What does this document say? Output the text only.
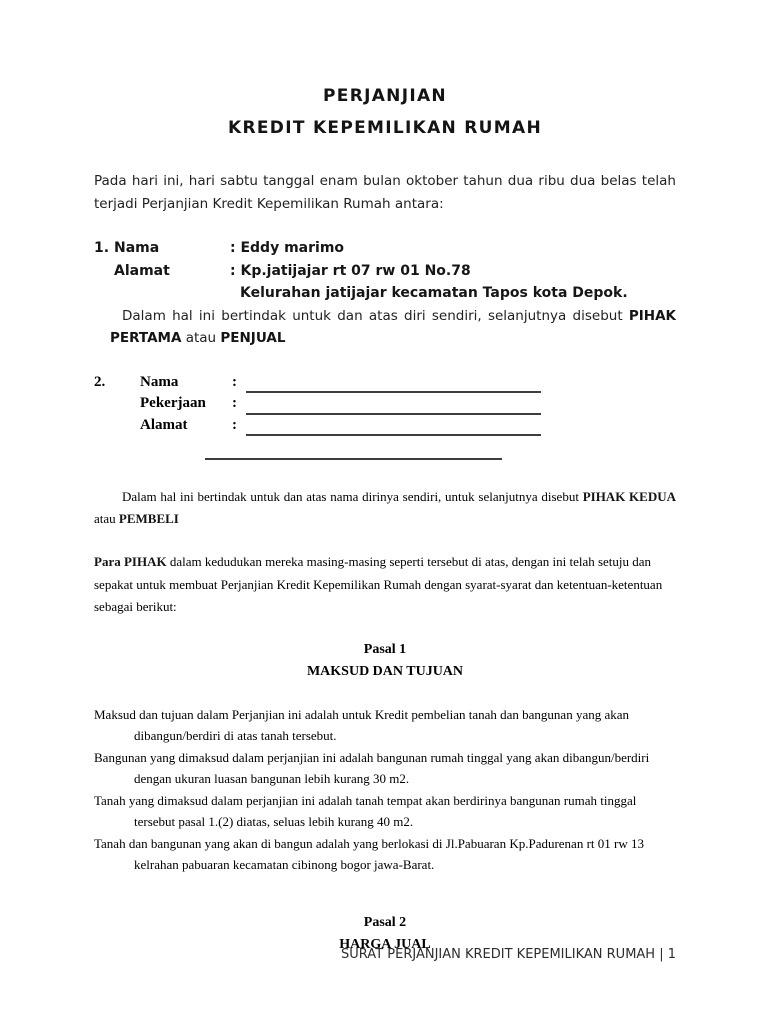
PERJANJIAN
KREDIT KEPEMILIKAN RUMAH

Pada hari ini, hari sabtu tanggal enam bulan oktober tahun dua ribu dua belas telah terjadi Perjanjian Kredit Kepemilikan Rumah antara:

1. Nama	: Eddy marimo
Alamat	: Kp.jatijajar rt 07 rw 01 No.78
Kelurahan jatijajar kecamatan Tapos kota Depok.

Dalam hal ini bertindak untuk dan atas diri sendiri, selanjutnya disebut PIHAK PERTAMA atau PENJUAL

2.	Nama	:
Pekerjaan	:
Alamat	:

Dalam hal ini bertindak untuk dan atas nama dirinya sendiri, untuk selanjutnya disebut PIHAK KEDUA atau PEMBELI

Para PIHAK dalam kedudukan mereka masing-masing seperti tersebut di atas, dengan ini telah setuju dan sepakat untuk membuat Perjanjian Kredit Kepemilikan Rumah dengan syarat-syarat dan ketentuan-ketentuan sebagai berikut:

Pasal 1
MAKSUD DAN TUJUAN

Maksud dan tujuan dalam Perjanjian ini adalah untuk Kredit pembelian tanah dan bangunan yang akan dibangun/berdiri di atas tanah tersebut.

Bangunan yang dimaksud dalam perjanjian ini adalah bangunan rumah tinggal yang akan dibangun/berdiri dengan ukuran luasan bangunan lebih kurang 30 m2.

Tanah yang dimaksud dalam perjanjian ini adalah tanah tempat akan berdirinya bangunan rumah tinggal tersebut pasal 1.(2) diatas, seluas lebih kurang 40 m2.

Tanah dan bangunan yang akan di bangun adalah yang berlokasi di Jl.Pabuaran Kp.Padurenan rt 01 rw 13 kelrahan pabuaran kecamatan cibinong bogor jawa-Barat.

Pasal 2
HARGA JUAL
SURAT PERJANJIAN KREDIT KEPEMILIKAN RUMAH | 1
